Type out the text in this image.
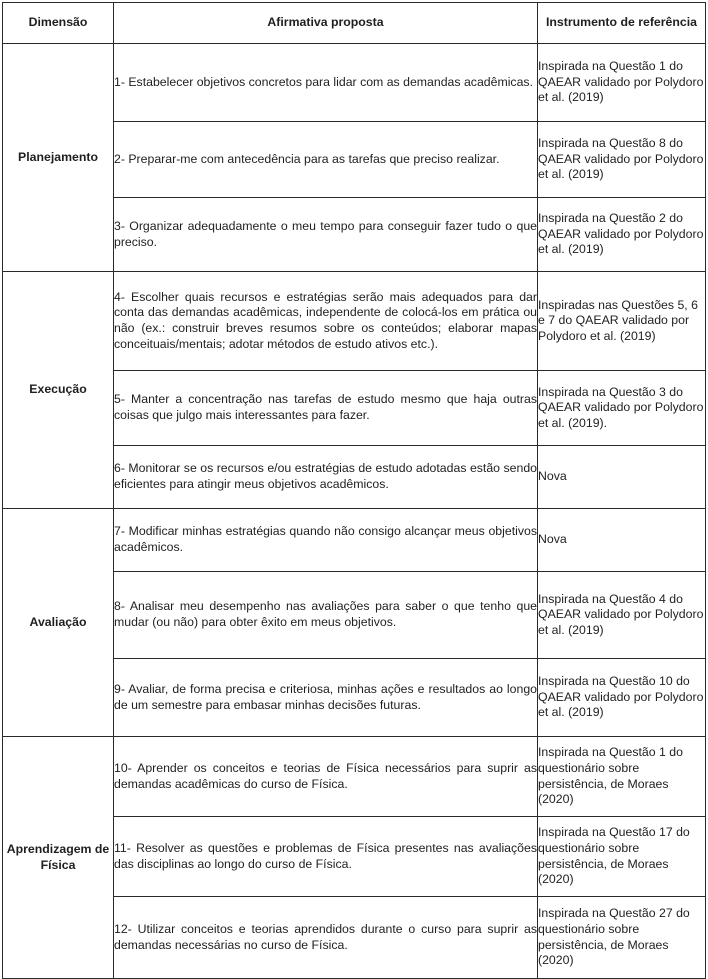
Dimensão	Afirmativa proposta	Instrumento de referência
Planejamento	1- Estabelecer objetivos concretos para lidar com as demandas acadêmicas.	Inspirada na Questão 1 do QAEAR validado por Polydoro et al. (2019)
	2- Preparar-me com antecedência para as tarefas que preciso realizar.	Inspirada na Questão 8 do QAEAR validado por Polydoro et al. (2019)
	3- Organizar adequadamente o meu tempo para conseguir fazer tudo o que preciso.	Inspirada na Questão 2 do QAEAR validado por Polydoro et al. (2019)
Execução	4- Escolher quais recursos e estratégias serão mais adequados para dar conta das demandas acadêmicas, independente de colocá-los em prática ou não (ex.: construir breves resumos sobre os conteúdos; elaborar mapas conceituais/mentais; adotar métodos de estudo ativos etc.).	Inspiradas nas Questões 5, 6 e 7 do QAEAR validado por Polydoro et al. (2019)
	5- Manter a concentração nas tarefas de estudo mesmo que haja outras coisas que julgo mais interessantes para fazer.	Inspirada na Questão 3 do QAEAR validado por Polydoro et al. (2019).
	6- Monitorar se os recursos e/ou estratégias de estudo adotadas estão sendo eficientes para atingir meus objetivos acadêmicos.	Nova
Avaliação	7- Modificar minhas estratégias quando não consigo alcançar meus objetivos acadêmicos.	Nova
	8- Analisar meu desempenho nas avaliações para saber o que tenho que mudar (ou não) para obter êxito em meus objetivos.	Inspirada na Questão 4 do QAEAR validado por Polydoro et al. (2019)
	9- Avaliar, de forma precisa e criteriosa, minhas ações e resultados ao longo de um semestre para embasar minhas decisões futuras.	Inspirada na Questão 10 do QAEAR validado por Polydoro et al. (2019)
Aprendizagem de Física	10- Aprender os conceitos e teorias de Física necessários para suprir as demandas acadêmicas do curso de Física.	Inspirada na Questão 1 do questionário sobre persistência, de Moraes (2020)
	11- Resolver as questões e problemas de Física presentes nas avaliações das disciplinas ao longo do curso de Física.	Inspirada na Questão 17 do questionário sobre persistência, de Moraes (2020)
	12- Utilizar conceitos e teorias aprendidos durante o curso para suprir as demandas necessárias no curso de Física.	Inspirada na Questão 27 do questionário sobre persistência, de Moraes (2020)
